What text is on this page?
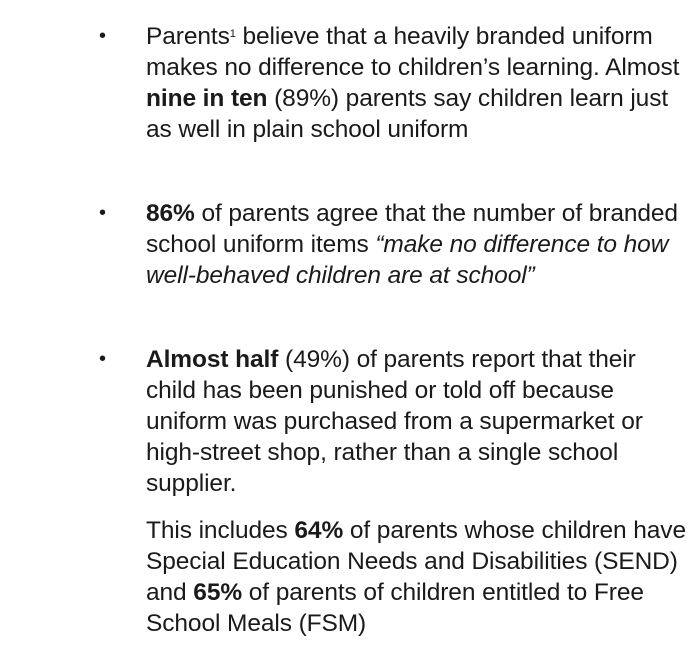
• Parents$^1$ believe that a heavily branded uniform makes no difference to children’s learning. Almost nine in ten (89%) parents say children learn just as well in plain school uniform
• 86% of parents agree that the number of branded school uniform items “make no difference to how well-behaved children are at school”
• Almost half (49%) of parents report that their child has been punished or told off because uniform was purchased from a supermarket or high-street shop, rather than a single school supplier.
This includes 64% of parents whose children have Special Education Needs and Disabilities (SEND) and 65% of parents of children entitled to Free School Meals (FSM)
